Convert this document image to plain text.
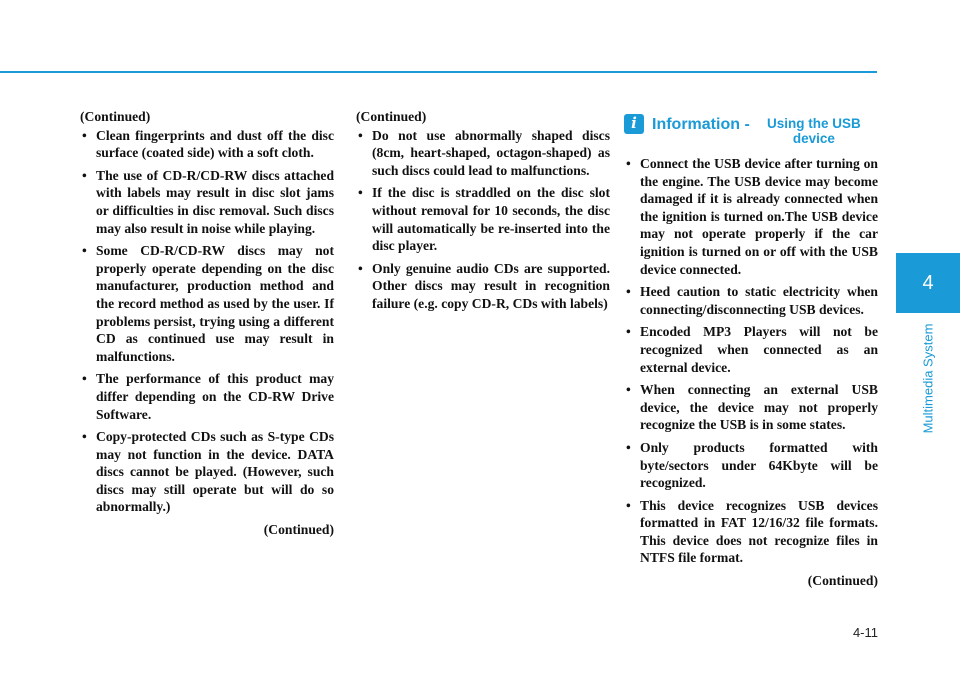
(Continued)
• Clean fingerprints and dust off the disc surface (coated side) with a soft cloth.
• The use of CD-R/CD-RW discs attached with labels may result in disc slot jams or difficulties in disc removal. Such discs may also result in noise while playing.
• Some CD-R/CD-RW discs may not properly operate depending on the disc manufacturer, production method and the record method as used by the user. If problems persist, trying using a different CD as continued use may result in malfunctions.
• The performance of this product may differ depending on the CD-RW Drive Software.
• Copy-protected CDs such as S-type CDs may not function in the device. DATA discs cannot be played. (However, such discs may still operate but will do so abnormally.)
(Continued)
(Continued)
• Do not use abnormally shaped discs (8cm, heart-shaped, octagon-shaped) as such discs could lead to malfunctions.
• If the disc is straddled on the disc slot without removal for 10 seconds, the disc will automatically be re-inserted into the disc player.
• Only genuine audio CDs are supported. Other discs may result in recognition failure (e.g. copy CD-R, CDs with labels)
i Information -	Using the USB device
• Connect the USB device after turning on the engine. The USB device may become damaged if it is already connected when the ignition is turned on.The USB device may not operate properly if the car ignition is turned on or off with the USB device connected.
• Heed caution to static electricity when connecting/disconnecting USB devices.
• Encoded MP3 Players will not be recognized when connected as an external device.
• When connecting an external USB device, the device may not properly recognize the USB is in some states.
• Only products formatted with byte/sectors under 64Kbyte will be recognized.
• This device recognizes USB devices formatted in FAT 12/16/32 file formats. This device does not recognize files in NTFS file format.
(Continued)
4
Multimedia System
4-11
